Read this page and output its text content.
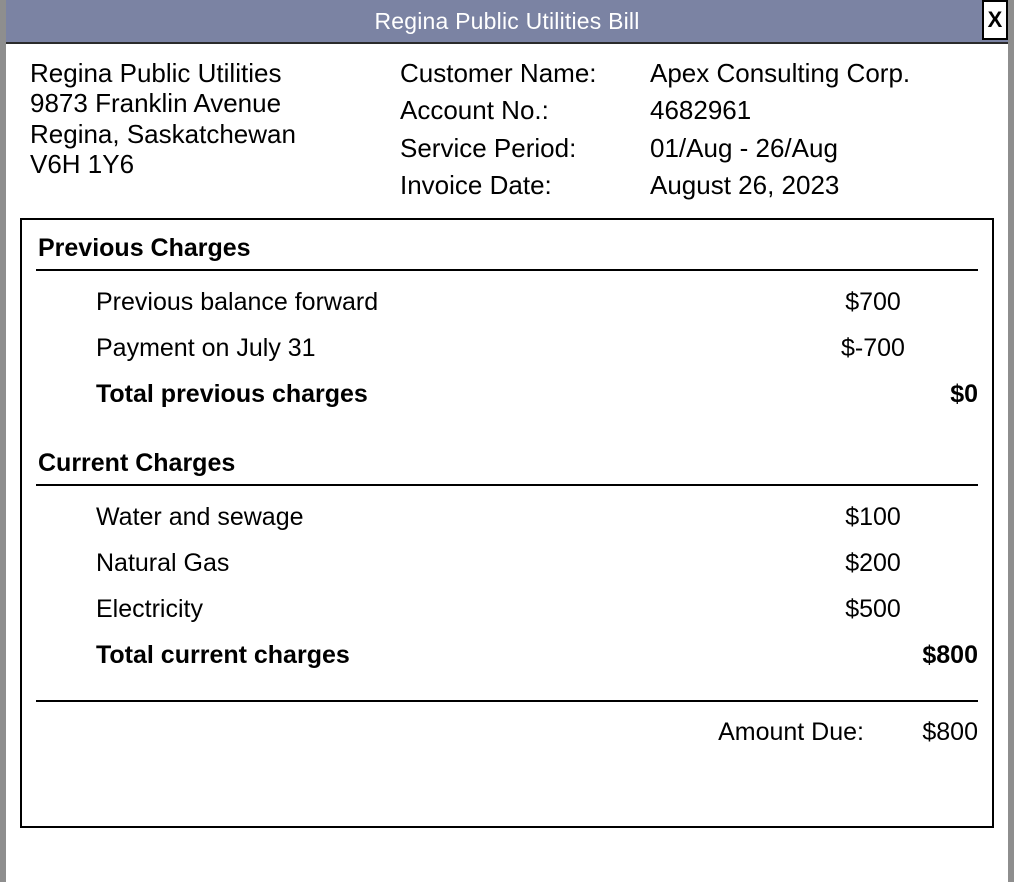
Regina Public Utilities Bill	X
Regina Public Utilities
9873 Franklin Avenue
Regina, Saskatchewan
V6H 1Y6
Customer Name:	Apex Consulting Corp.
Account No.:	4682961
Service Period:	01/Aug - 26/Aug
Invoice Date:	August 26, 2023
Previous Charges
Previous balance forward	$700
Payment on July 31	$-700
Total previous charges	$0
Current Charges
Water and sewage	$100
Natural Gas	$200
Electricity	$500
Total current charges	$800
Amount Due:	$800
